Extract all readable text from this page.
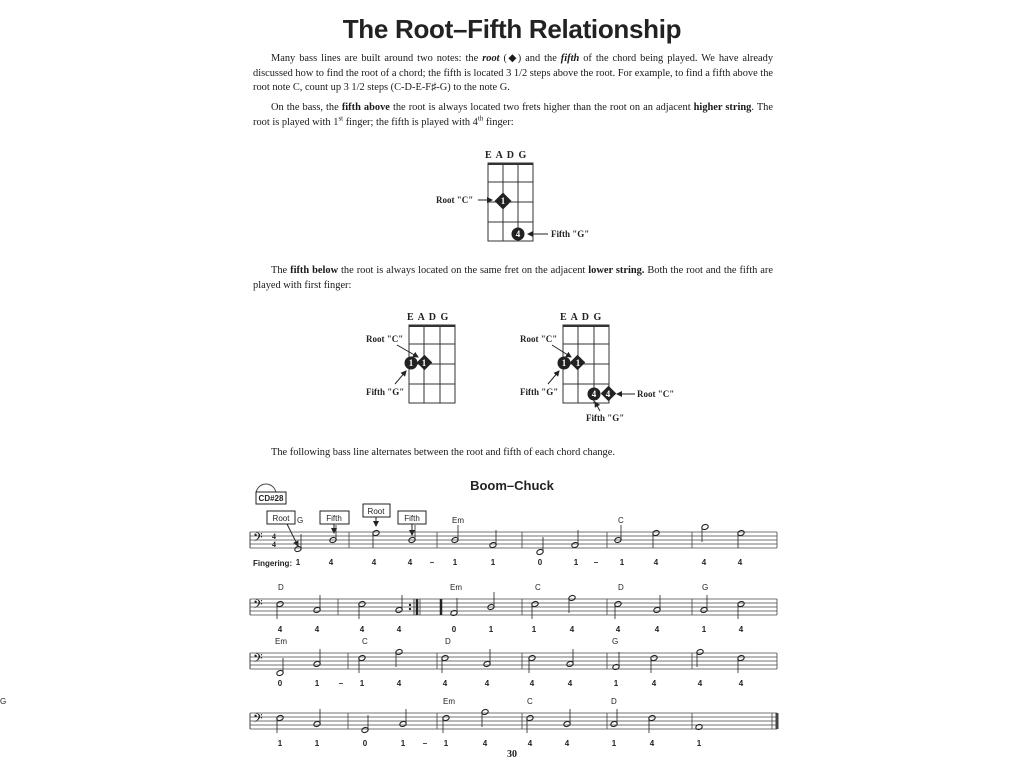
The Root–Fifth Relationship
Many bass lines are built around two notes: the root (◆) and the fifth of the chord being played. We have already discussed how to find the root of a chord; the fifth is located 3 1/2 steps above the root. For example, to find a fifth above the root note C, count up 3 1/2 steps (C-D-E-F♯-G) to the note G.
On the bass, the fifth above the root is always located two frets higher than the root on an adjacent higher string. The root is played with 1st finger; the fifth is played with 4th finger:
The fifth below the root is always located on the same fret on the adjacent lower string. Both the root and the fifth are played with first finger:
The following bass line alternates between the root and fifth of each chord change.
E A D G
1
4
Root "C"
Fifth "G"
E A D G
1 1
Root "C"
Fifth "G"
E A D G
1 1
4 4
Root "C"
Fifth "G"	Root "C"
Fifth "G"
Boom–Chuck
CD#28
Root	Fifth
Root
Fifth
𝄢 4
4
G	Em	C
1	4	4	4 – 1	1	0	1 –	1	4	4	4
𝄢
D	Em	C	D	G
4	4	4	4	0	1	1	4	4	4	1	4
𝄢
Em	C	D	G
0	1 – 1	4	4	4	4	4	1	4	4	4
𝄢
Em	C	D
G
1	1	0	1 – 1	4	4	4	1	4	1
Fingering:
30
